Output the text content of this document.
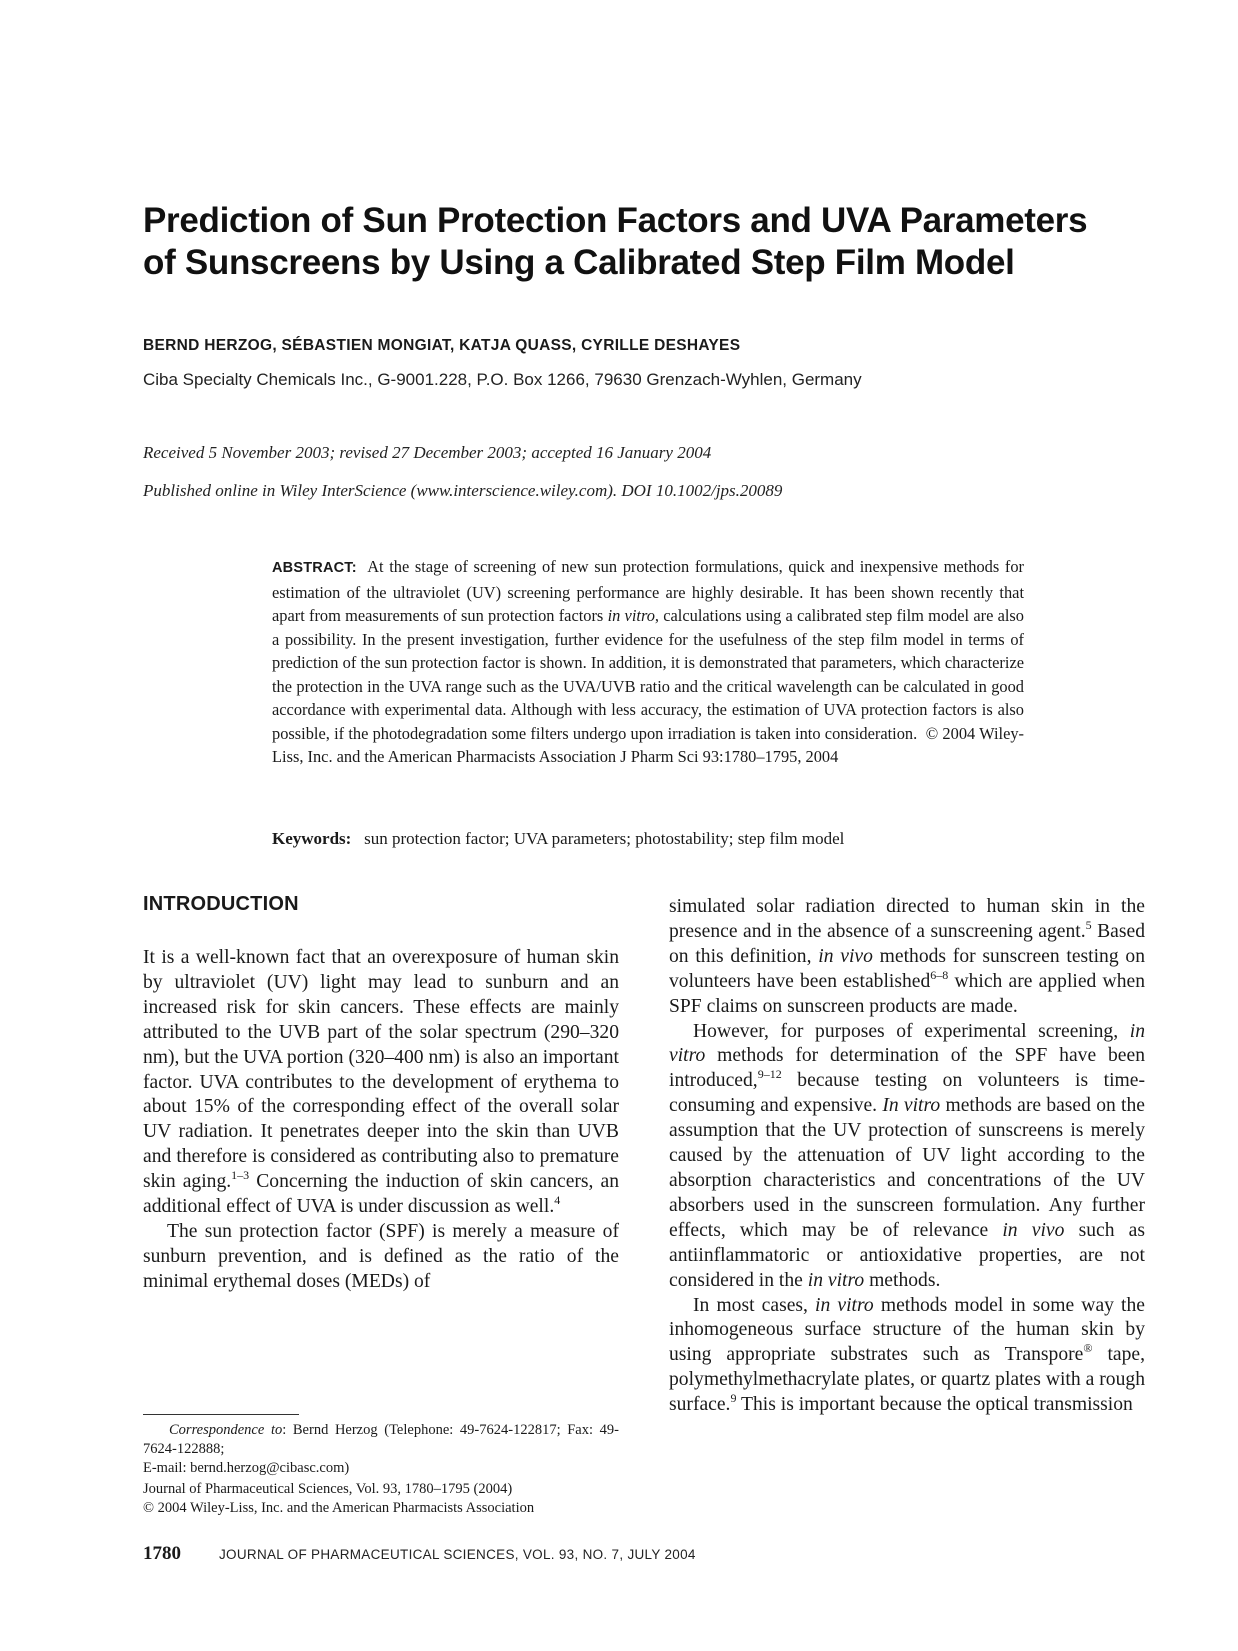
Prediction of Sun Protection Factors and UVA Parameters
of Sunscreens by Using a Calibrated Step Film Model
BERND HERZOG, SÉBASTIEN MONGIAT, KATJA QUASS, CYRILLE DESHAYES
Ciba Specialty Chemicals Inc., G-9001.228, P.O. Box 1266, 79630 Grenzach-Wyhlen, Germany
Received 5 November 2003; revised 27 December 2003; accepted 16 January 2004
Published online in Wiley InterScience (www.interscience.wiley.com). DOI 10.1002/jps.20089
ABSTRACT: At the stage of screening of new sun protection formulations, quick and inexpensive methods for estimation of the ultraviolet (UV) screening performance are highly desirable. It has been shown recently that apart from measurements of sun protection factors in vitro, calculations using a calibrated step film model are also a possibility. In the present investigation, further evidence for the usefulness of the step film model in terms of prediction of the sun protection factor is shown. In addition, it is demonstrated that parameters, which characterize the protection in the UVA range such as the UVA/UVB ratio and the critical wavelength can be calculated in good accordance with experimental data. Although with less accuracy, the estimation of UVA protection factors is also possible, if the photodegradation some filters undergo upon irradiation is taken into consideration. © 2004 Wiley-Liss, Inc. and the American Pharmacists Association J Pharm Sci 93:1780–1795, 2004
Keywords: sun protection factor; UVA parameters; photostability; step film model
INTRODUCTION

It is a well-known fact that an overexposure of human skin by ultraviolet (UV) light may lead to sunburn and an increased risk for skin cancers. These effects are mainly attributed to the UVB part of the solar spectrum (290–320 nm), but the UVA portion (320–400 nm) is also an important factor. UVA contributes to the development of erythema to about 15% of the corresponding effect of the overall solar UV radiation. It penetrates deeper into the skin than UVB and therefore is considered as contributing also to premature skin aging.$^{1-3}$ Concerning the induction of skin cancers, an additional effect of UVA is under discussion as well.$^4$

The sun protection factor (SPF) is merely a measure of sunburn prevention, and is defined as the ratio of the minimal erythemal doses (MEDs) of

simulated solar radiation directed to human skin in the presence and in the absence of a sunscreening agent.$^5$ Based on this definition, in vivo methods for sunscreen testing on volunteers have been established$^{6-8}$ which are applied when SPF claims on sunscreen products are made.

However, for purposes of experimental screening, in vitro methods for determination of the SPF have been introduced,$^{9-12}$ because testing on volunteers is time-consuming and expensive. In vitro methods are based on the assumption that the UV protection of sunscreens is merely caused by the attenuation of UV light according to the absorption characteristics and concentrations of the UV absorbers used in the sunscreen formulation. Any further effects, which may be of relevance in vivo such as antiinflammatoric or antioxidative properties, are not considered in the in vitro methods.

In most cases, in vitro methods model in some way the inhomogeneous surface structure of the human skin by using appropriate substrates such as Transpore® tape, polymethylmethacrylate plates, or quartz plates with a rough surface.$^9$ This is important because the optical transmission

Correspondence to: Bernd Herzog (Telephone: 49-7624-122817; Fax: 49-7624-122888;

E-mail: bernd.herzog@cibasc.com)

Journal of Pharmaceutical Sciences, Vol. 93, 1780–1795 (2004)

© 2004 Wiley-Liss, Inc. and the American Pharmacists Association

1780	JOURNAL OF PHARMACEUTICAL SCIENCES, VOL. 93, NO. 7, JULY 2004
